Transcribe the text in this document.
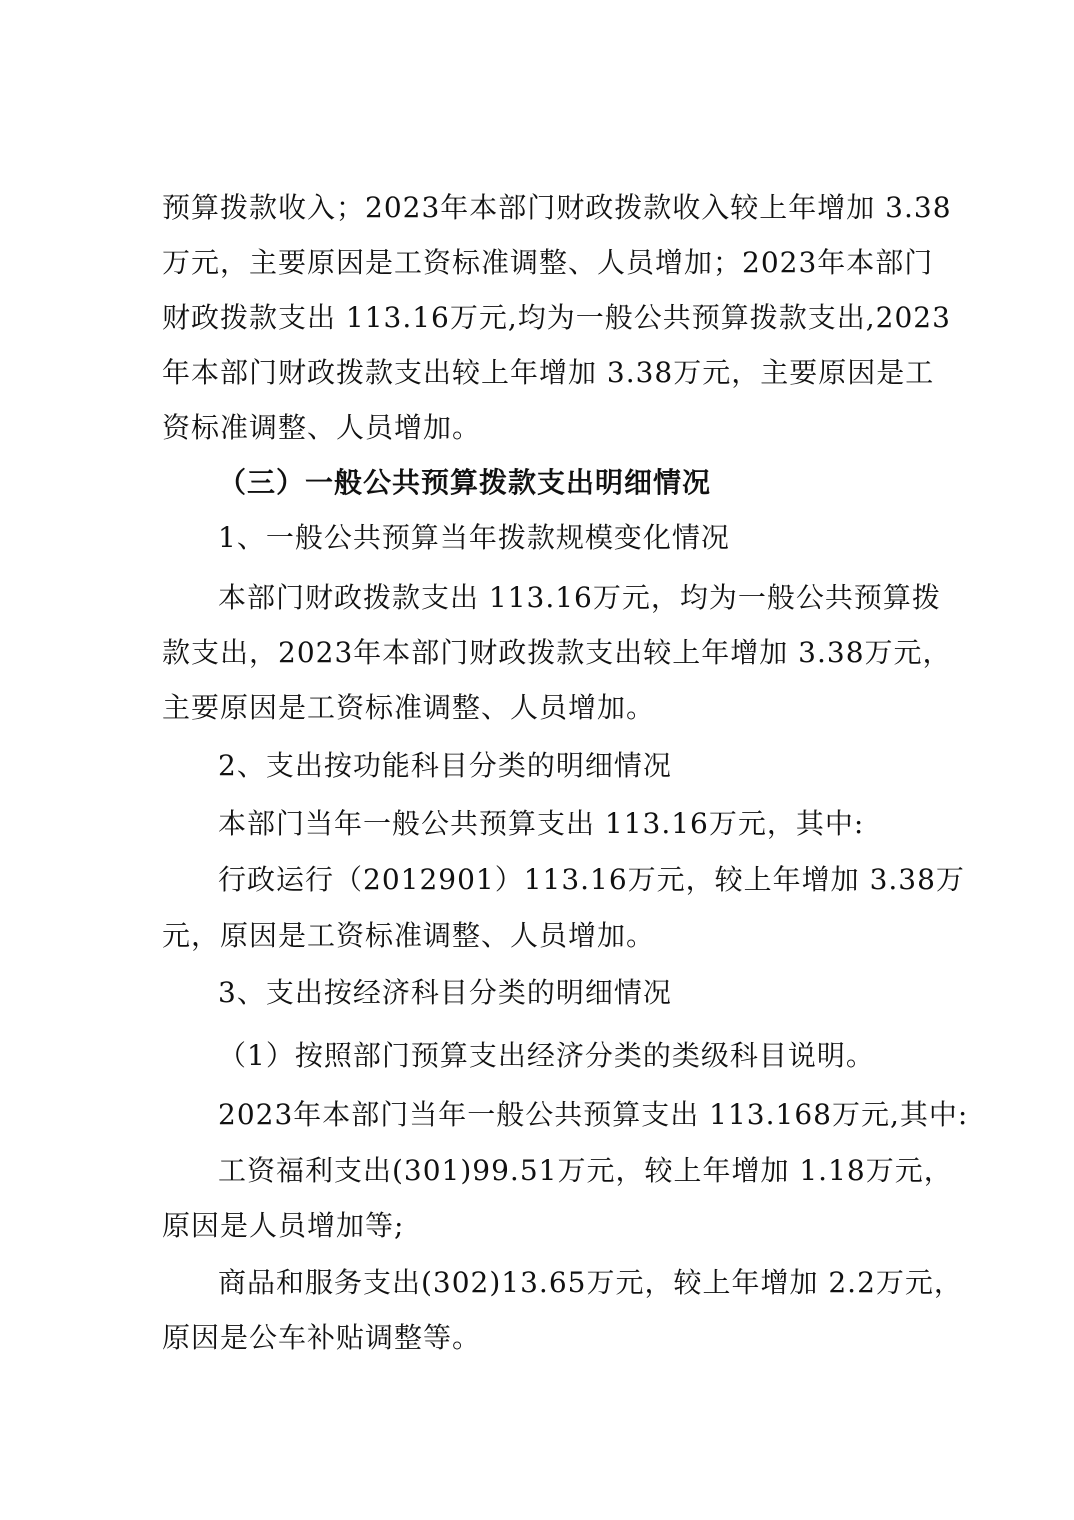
预算拨款收入；2023年本部门财政拨款收入较上年增加 3.38
万元，主要原因是工资标准调整、人员增加；2023年本部门
财政拨款支出 113.16万元,均为一般公共预算拨款支出,2023
年本部门财政拨款支出较上年增加 3.38万元，主要原因是工
资标准调整、人员增加。
（三）一般公共预算拨款支出明细情况
1、一般公共预算当年拨款规模变化情况
本部门财政拨款支出 113.16万元，均为一般公共预算拨
款支出，2023年本部门财政拨款支出较上年增加 3.38万元，
主要原因是工资标准调整、人员增加。
2、支出按功能科目分类的明细情况
本部门当年一般公共预算支出 113.16万元，其中:
行政运行（2012901）113.16万元，较上年增加 3.38万
元，原因是工资标准调整、人员增加。
3、支出按经济科目分类的明细情况
（1）按照部门预算支出经济分类的类级科目说明。
2023年本部门当年一般公共预算支出 113.168万元,其中:
工资福利支出(301)99.51万元，较上年增加 1.18万元，
原因是人员增加等;
商品和服务支出(302)13.65万元，较上年增加 2.2万元，
原因是公车补贴调整等。
